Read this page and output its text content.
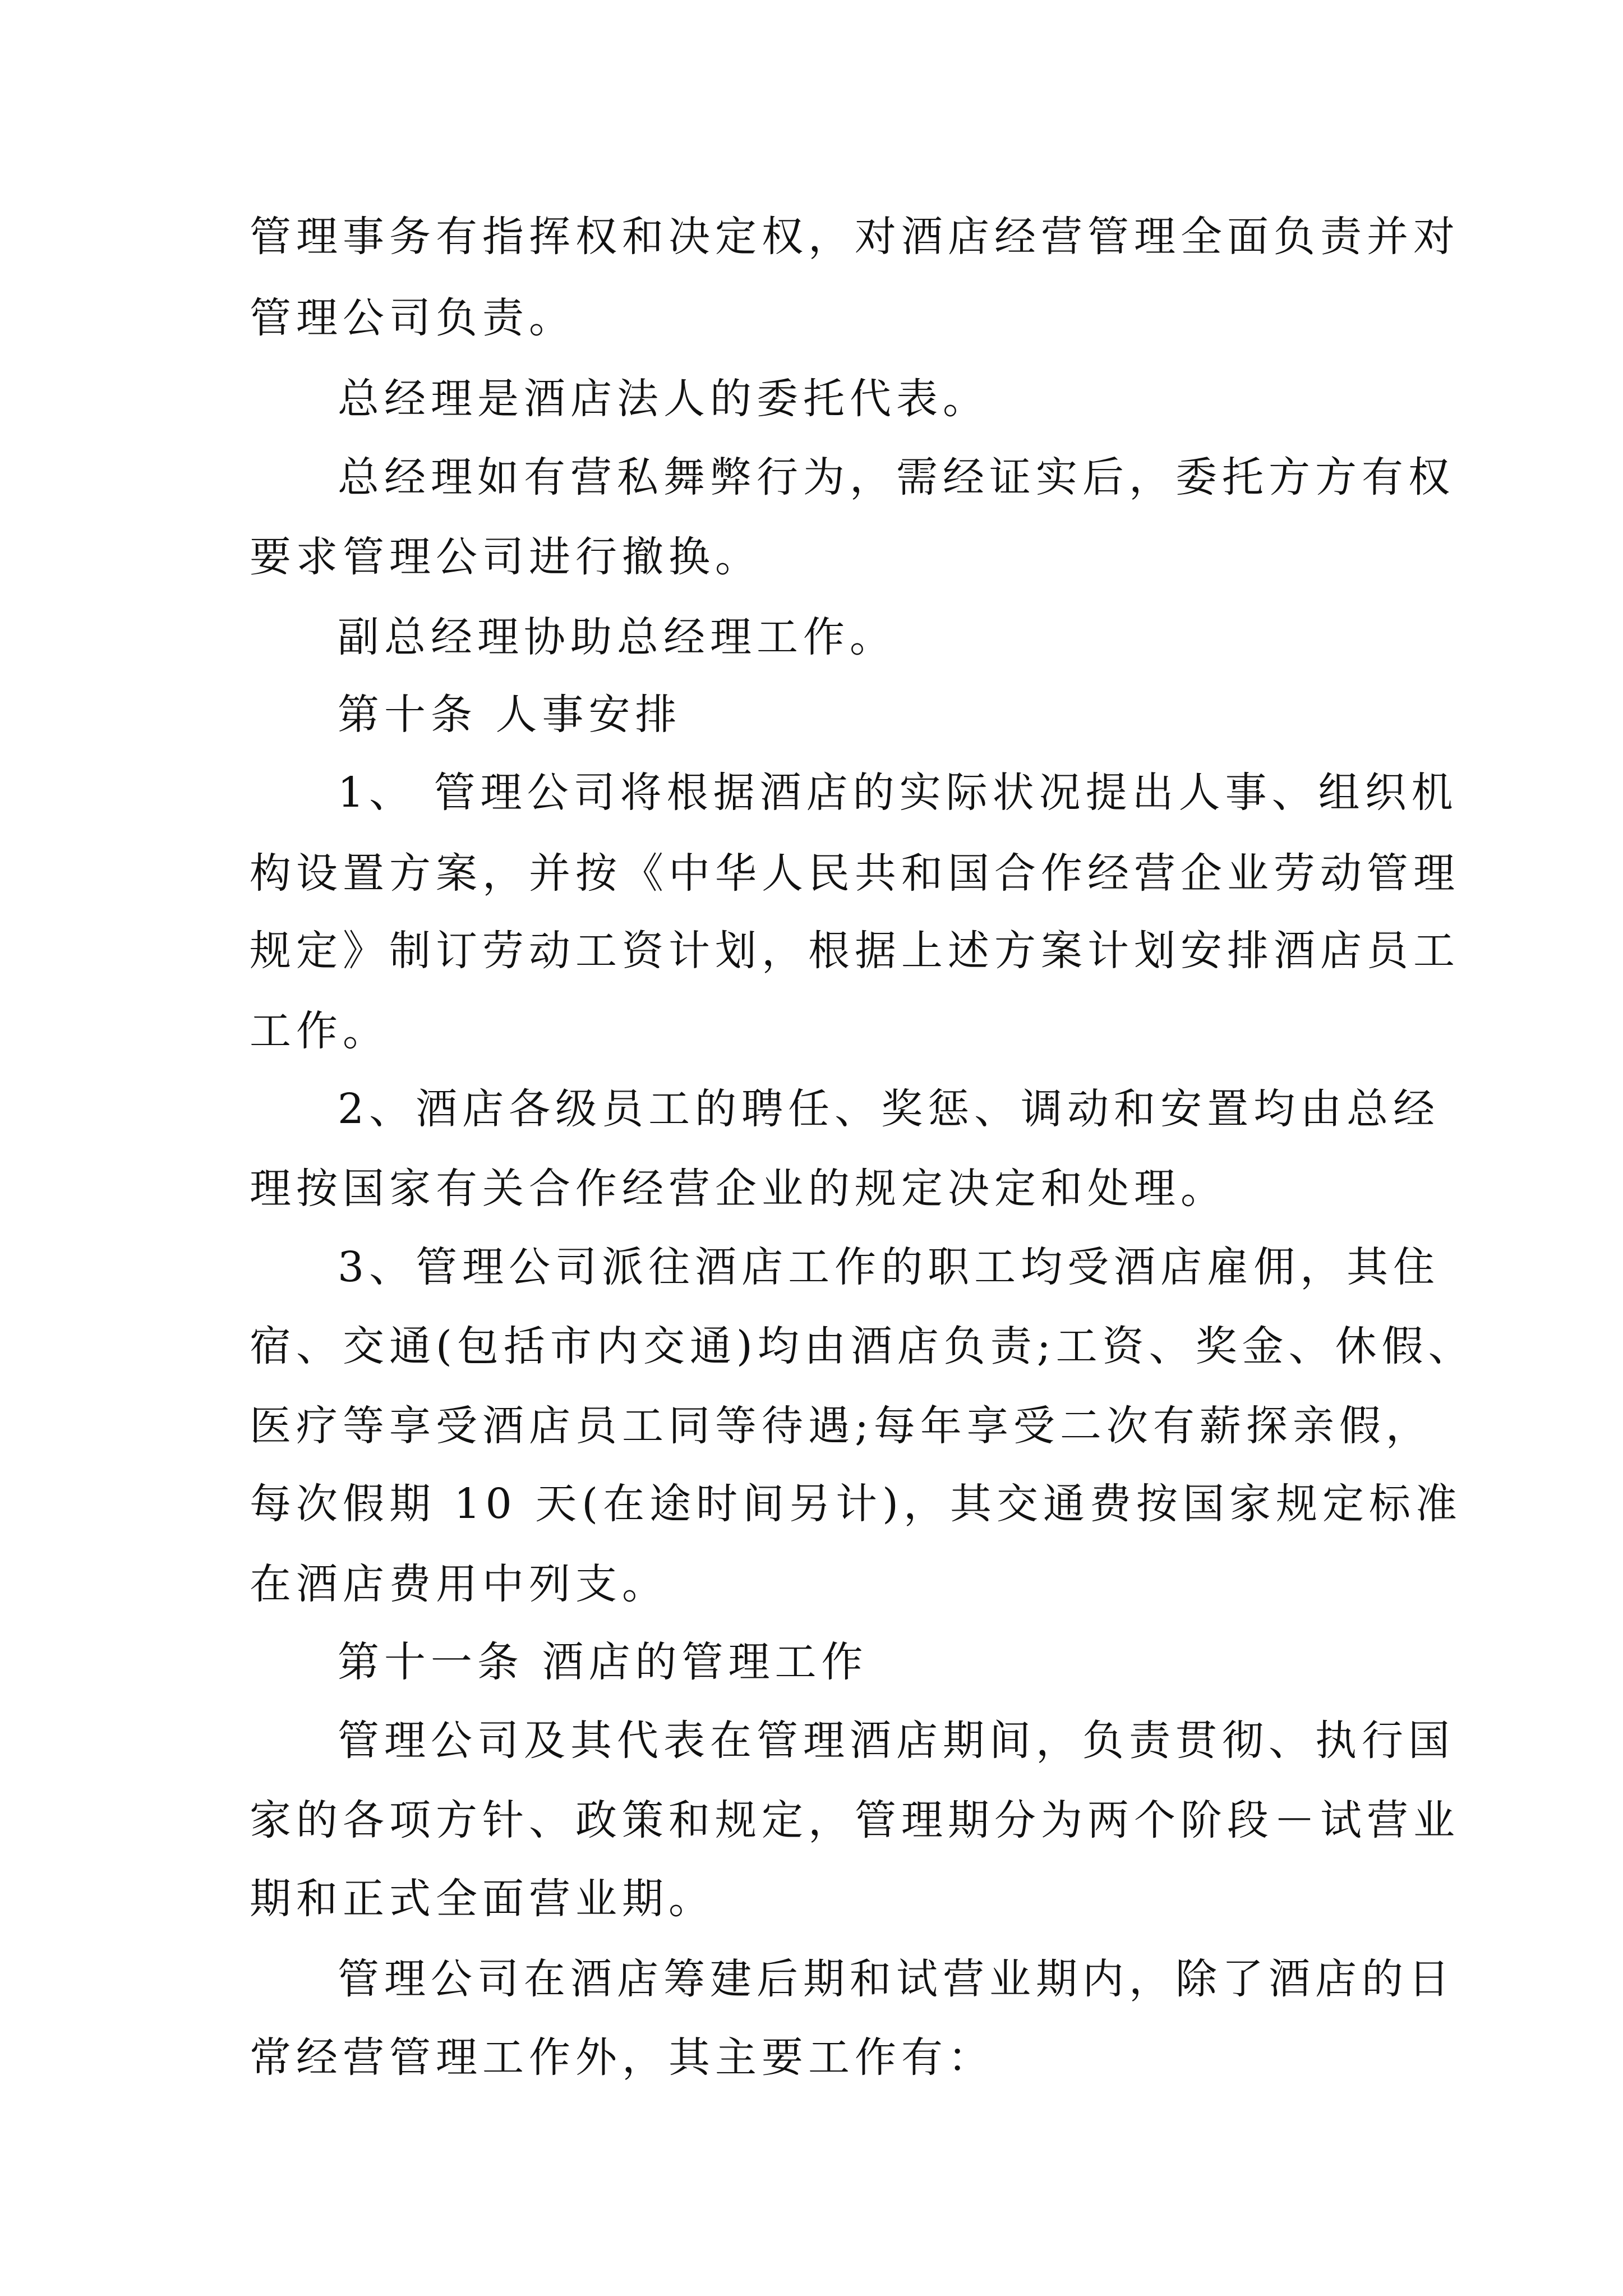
管理事务有指挥权和决定权，对酒店经营管理全面负责并对
管理公司负责。
总经理是酒店法人的委托代表。
总经理如有营私舞弊行为，需经证实后，委托方方有权
要求管理公司进行撤换。
副总经理协助总经理工作。
第十条 人事安排
1、 管理公司将根据酒店的实际状况提出人事、组织机
构设置方案，并按《中华人民共和国合作经营企业劳动管理
规定》制订劳动工资计划，根据上述方案计划安排酒店员工
工作。
2、酒店各级员工的聘任、奖惩、调动和安置均由总经
理按国家有关合作经营企业的规定决定和处理。
3、管理公司派往酒店工作的职工均受酒店雇佣，其住
宿、交通(包括市内交通)均由酒店负责;工资、奖金、休假、
医疗等享受酒店员工同等待遇;每年享受二次有薪探亲假，
每次假期 10 天(在途时间另计)，其交通费按国家规定标准
在酒店费用中列支。
第十一条 酒店的管理工作
管理公司及其代表在管理酒店期间，负责贯彻、执行国
家的各项方针、政策和规定，管理期分为两个阶段－试营业
期和正式全面营业期。
管理公司在酒店筹建后期和试营业期内，除了酒店的日
常经营管理工作外，其主要工作有：
